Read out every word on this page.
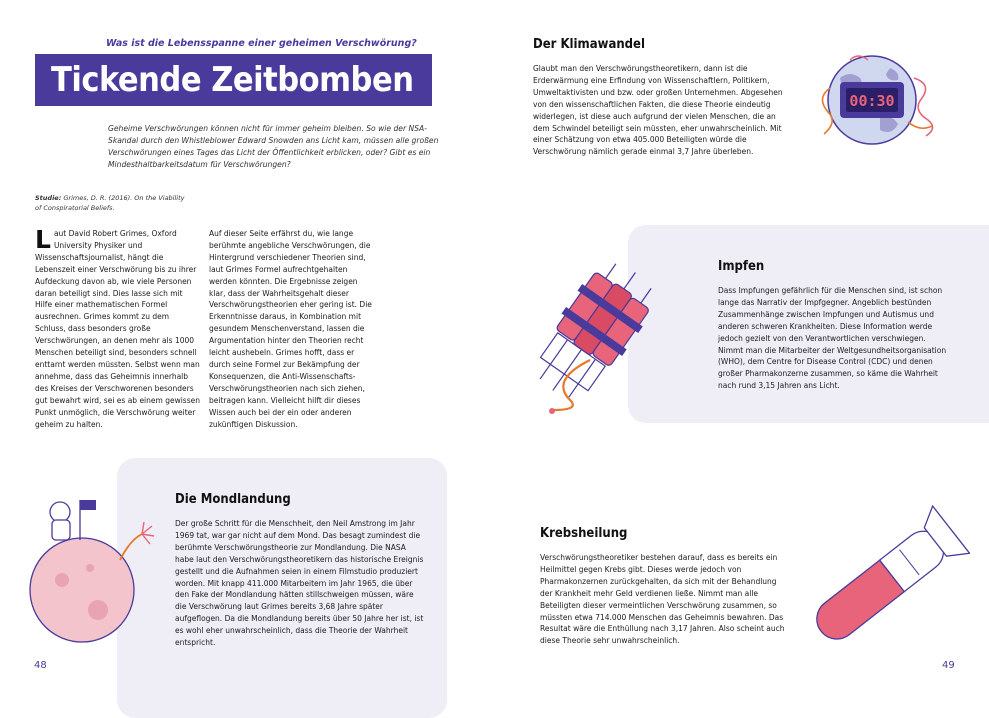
Was ist die Lebensspanne einer geheimen Verschwörung?
Tickende Zeitbomben
Geheime Verschwörungen können nicht für immer geheim bleiben. So wie der NSA-Skandal durch den Whistleblower Edward Snowden ans Licht kam, müssen alle großen Verschwörungen eines Tages das Licht der Öffentlichkeit erblicken, oder? Gibt es ein Mindesthaltbarkeitsdatum für Verschwörungen?
Studie: Grimes, D. R. (2016). On the Viability of Conspiratorial Beliefs.
Laut David Robert Grimes, Oxford University Physiker und Wissenschaftsjournalist, hängt die Lebenszeit einer Verschwörung bis zu ihrer Aufdeckung davon ab, wie viele Personen daran beteiligt sind. Dies lasse sich mit Hilfe einer mathematischen Formel ausrechnen. Grimes kommt zu dem Schluss, dass besonders große Verschwörungen, an denen mehr als 1000 Menschen beteiligt sind, besonders schnell enttarnt werden müssten. Selbst wenn man annehme, dass das Geheimnis innerhalb des Kreises der Verschworenen besonders gut bewahrt wird, sei es ab einem gewissen Punkt unmöglich, die Verschwörung weiter geheim zu halten.
Auf dieser Seite erfährst du, wie lange berühmte angebliche Verschwörungen, die Hintergrund verschiedener Theorien sind, laut Grimes Formel aufrechtgehalten werden könnten. Die Ergebnisse zeigen klar, dass der Wahrheitsgehalt dieser Verschwörungstheorien eher gering ist. Die Erkenntnisse daraus, in Kombination mit gesundem Menschenverstand, lassen die Argumentation hinter den Theorien recht leicht aushebeln. Grimes hofft, dass er durch seine Formel zur Bekämpfung der Konsequenzen, die Anti-Wissenschafts-Verschwörungstheorien nach sich ziehen, beitragen kann. Vielleicht hilft dir dieses Wissen auch bei der ein oder anderen zukünftigen Diskussion.
Der Klimawandel
Glaubt man den Verschwörungstheoretikern, dann ist die Erderwärmung eine Erfindung von Wissenschaftlern, Politikern, Umweltaktivisten und bzw. oder großen Unternehmen. Abgesehen von den wissenschaftlichen Fakten, die diese Theorie eindeutig widerlegen, ist diese auch aufgrund der vielen Menschen, die an dem Schwindel beteiligt sein müssten, eher unwahrscheinlich. Mit einer Schätzung von etwa 405.000 Beteiligten würde die Verschwörung nämlich gerade einmal 3,7 Jahre überleben.
00:30
Impfen
Dass Impfungen gefährlich für die Menschen sind, ist schon lange das Narrativ der Impfgegner. Angeblich bestünden Zusammenhänge zwischen Impfungen und Autismus und anderen schweren Krankheiten. Diese Information werde jedoch gezielt von den Verantwortlichen verschwiegen. Nimmt man die Mitarbeiter der Weltgesundheitsorganisation (WHO), dem Centre for Disease Control (CDC) und denen großer Pharmakonzerne zusammen, so käme die Wahrheit nach rund 3,15 Jahren ans Licht.
Die Mondlandung
Der große Schritt für die Menschheit, den Neil Amstrong im Jahr 1969 tat, war gar nicht auf dem Mond. Das besagt zumindest die berühmte Verschwörungstheorie zur Mondlandung. Die NASA habe laut den Verschwörungstheoretikern das historische Ereignis gestellt und die Aufnahmen seien in einem Filmstudio produziert worden. Mit knapp 411.000 Mitarbeitern im Jahr 1965, die über den Fake der Mondlandung hätten stillschweigen müssen, wäre die Verschwörung laut Grimes bereits 3,68 Jahre später aufgeflogen. Da die Mondlandung bereits über 50 Jahre her ist, ist es wohl eher unwahrscheinlich, dass die Theorie der Wahrheit entspricht.
Krebsheilung
Verschwörungstheoretiker bestehen darauf, dass es bereits ein Heilmittel gegen Krebs gibt. Dieses werde jedoch von Pharmakonzernen zurückgehalten, da sich mit der Behandlung der Krankheit mehr Geld verdienen ließe. Nimmt man alle Beteiligten dieser vermeintlichen Verschwörung zusammen, so müssten etwa 714.000 Menschen das Geheimnis bewahren. Das Resultat wäre die Enthüllung nach 3,17 Jahren. Also scheint auch diese Theorie sehr unwahrscheinlich.
48	49
